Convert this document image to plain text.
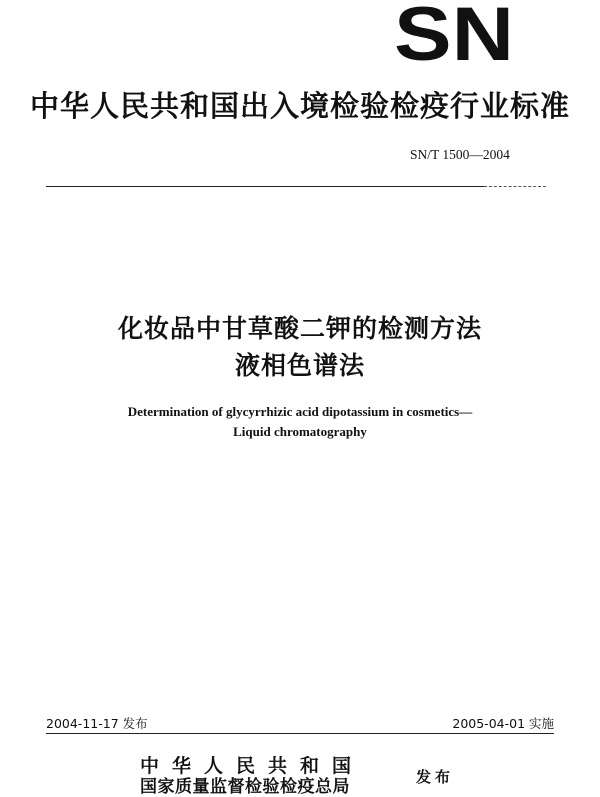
SN
中华人民共和国出入境检验检疫行业标准
SN/T 1500—2004
化妆品中甘草酸二钾的检测方法
液相色谱法
Determination of glycyrrhizic acid dipotassium in cosmetics—
Liquid chromatography
2004-11-17 发布	2005-04-01 实施
中华人民共和国
国家质量监督检验检疫总局	发布
